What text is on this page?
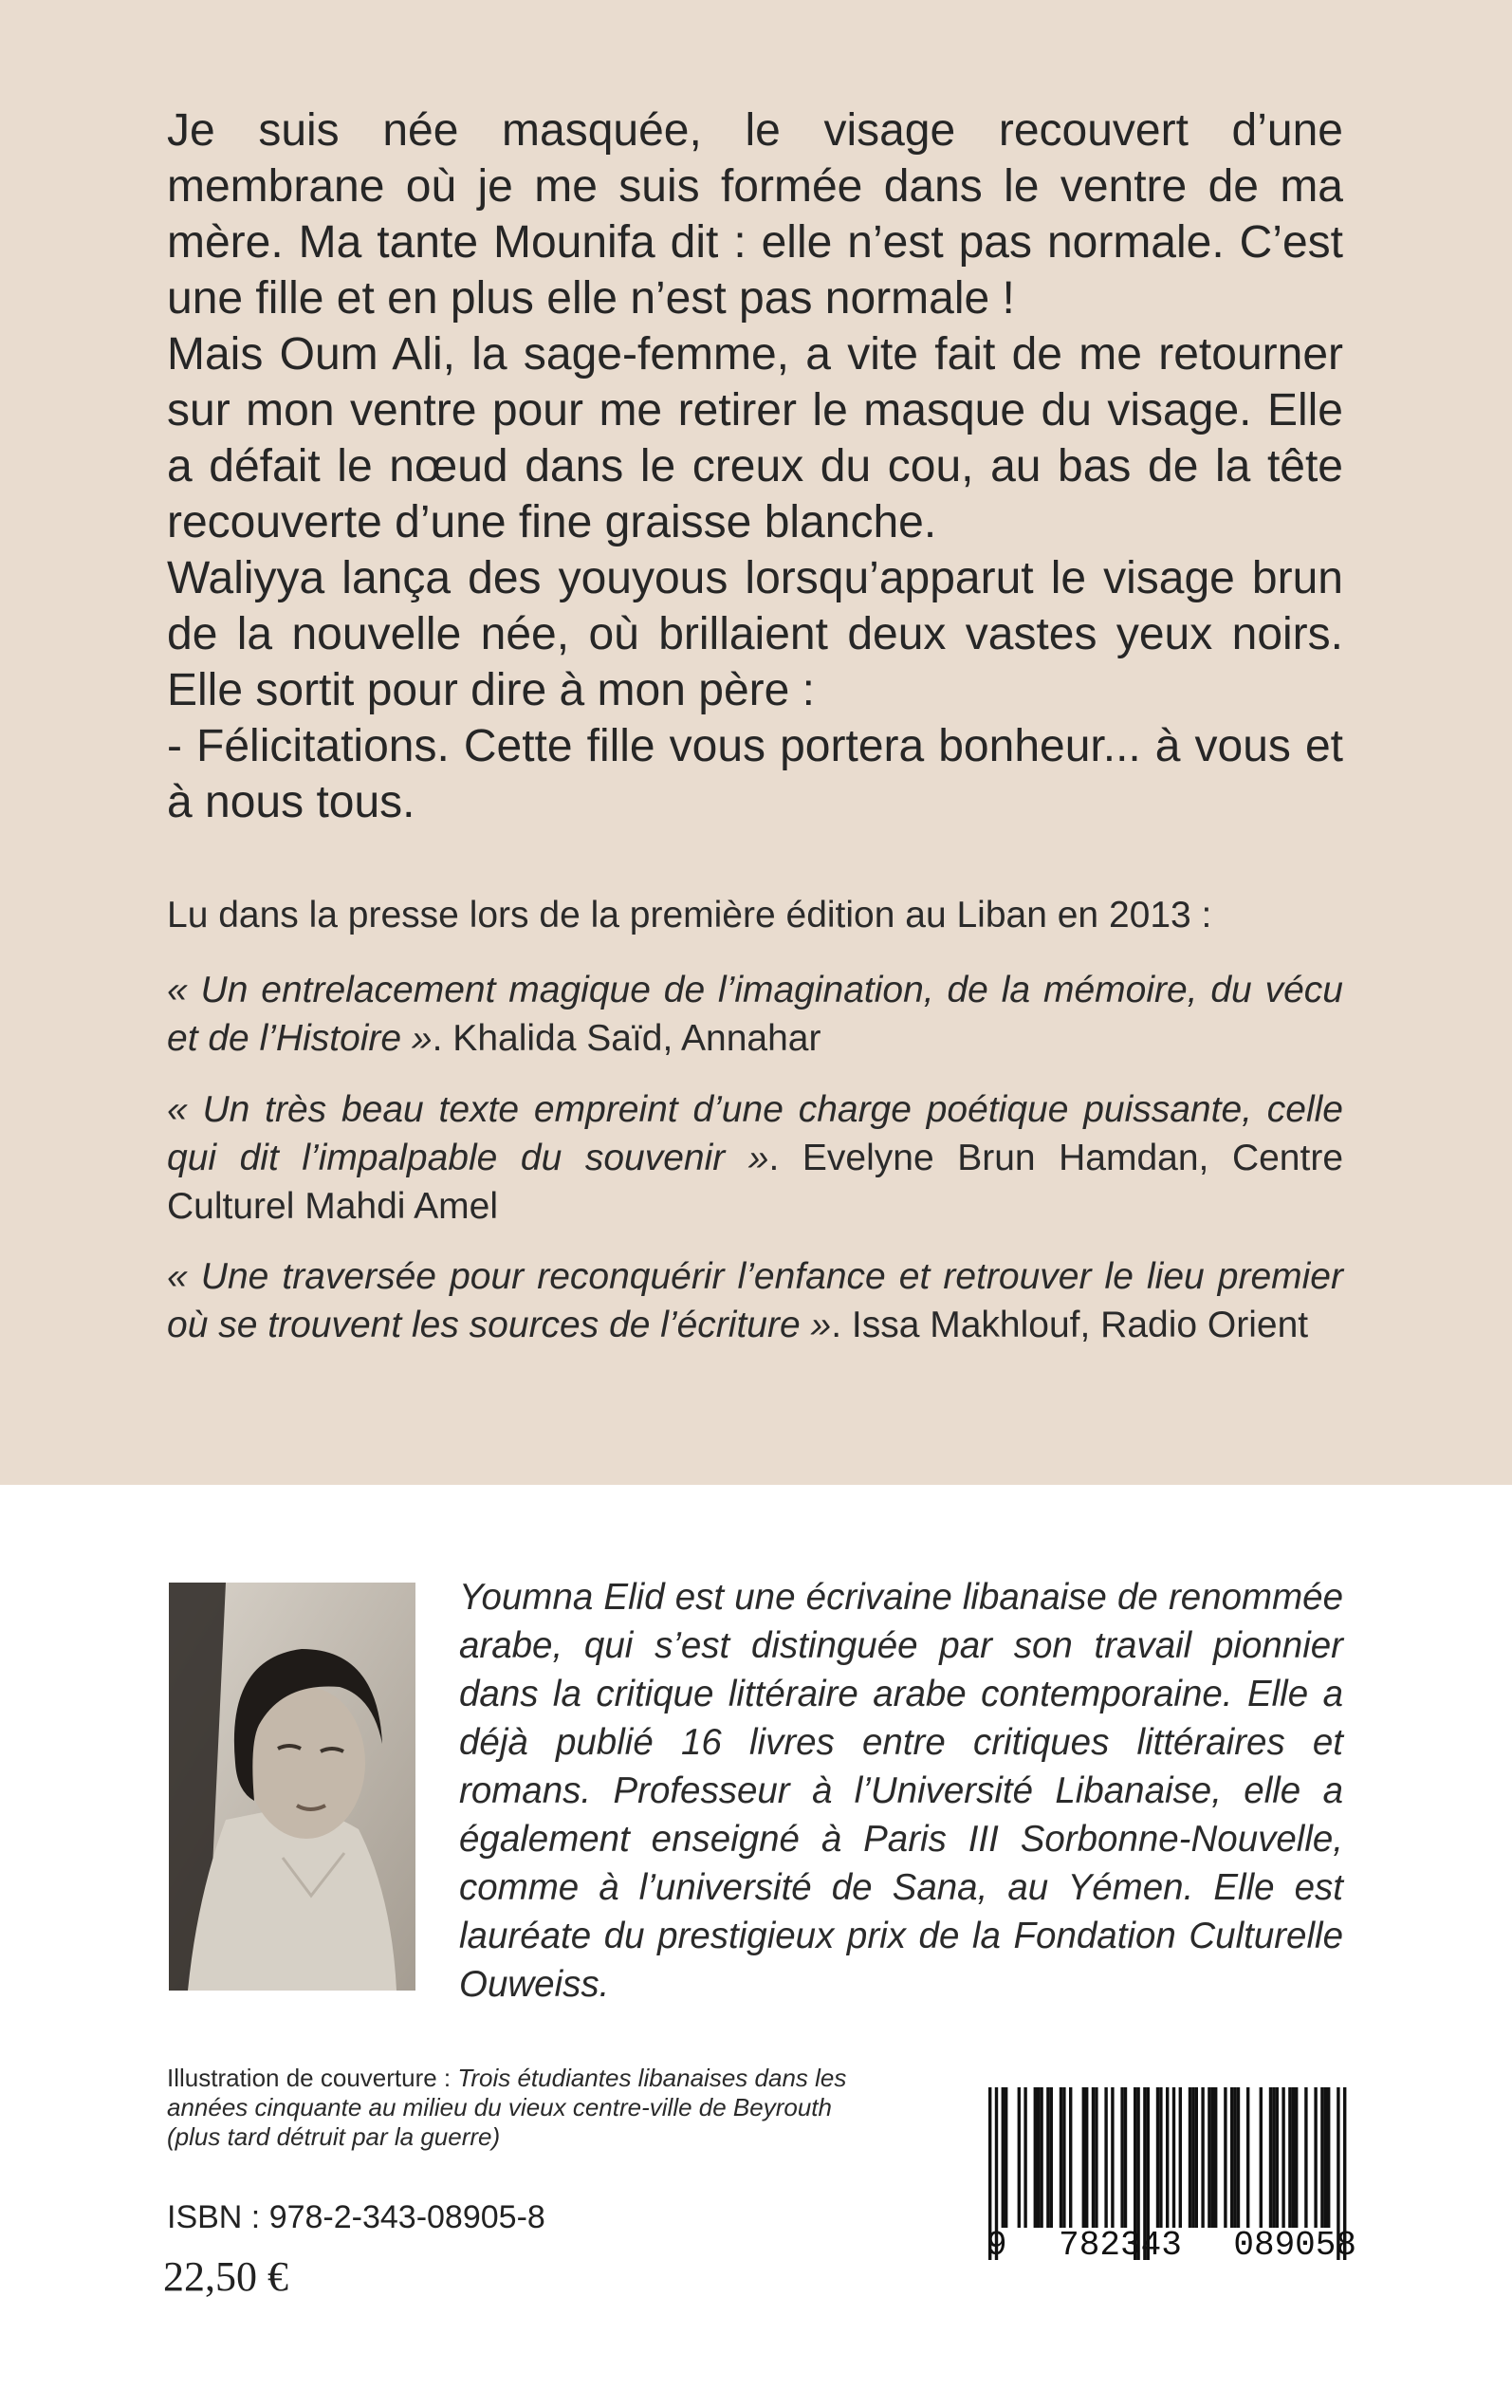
Je suis née masquée, le visage recouvert d’une membrane où je me suis formée dans le ventre de ma mère. Ma tante Mounifa dit : elle n’est pas normale. C’est une fille et en plus elle n’est pas normale !

Mais Oum Ali, la sage-femme, a vite fait de me retourner sur mon ventre pour me retirer le masque du visage. Elle a défait le nœud dans le creux du cou, au bas de la tête recouverte d’une fine graisse blanche.

Waliyya lança des youyous lorsqu’apparut le visage brun de la nouvelle née, où brillaient deux vastes yeux noirs. Elle sortit pour dire à mon père :

- Félicitations. Cette fille vous portera bonheur... à vous et à nous tous.

Lu dans la presse lors de la première édition au Liban en 2013 :

« Un entrelacement magique de l’imagination, de la mémoire, du vécu et de l’Histoire ». Khalida Saïd, Annahar

« Un très beau texte empreint d’une charge poétique puissante, celle qui dit l’impalpable du souvenir ». Evelyne Brun Hamdan, Centre Culturel Mahdi Amel

« Une traversée pour reconquérir l’enfance et retrouver le lieu premier où se trouvent les sources de l’écriture ». Issa Makhlouf, Radio Orient

Youmna Elid est une écrivaine libanaise de renommée arabe, qui s’est distinguée par son travail pionnier dans la critique littéraire arabe contemporaine. Elle a déjà publié 16 livres entre critiques littéraires et romans. Professeur à l’Université Libanaise, elle a également enseigné à Paris III Sorbonne-Nouvelle, comme à l’université de Sana, au Yémen. Elle est lauréate du prestigieux prix de la Fondation Culturelle Ouweiss.

Illustration de couverture : Trois étudiantes libanaises dans les années cinquante au milieu du vieux centre-ville de Beyrouth (plus tard détruit par la guerre)

ISBN : 978-2-343-08905-8

22,50 €

9 782343 089058
